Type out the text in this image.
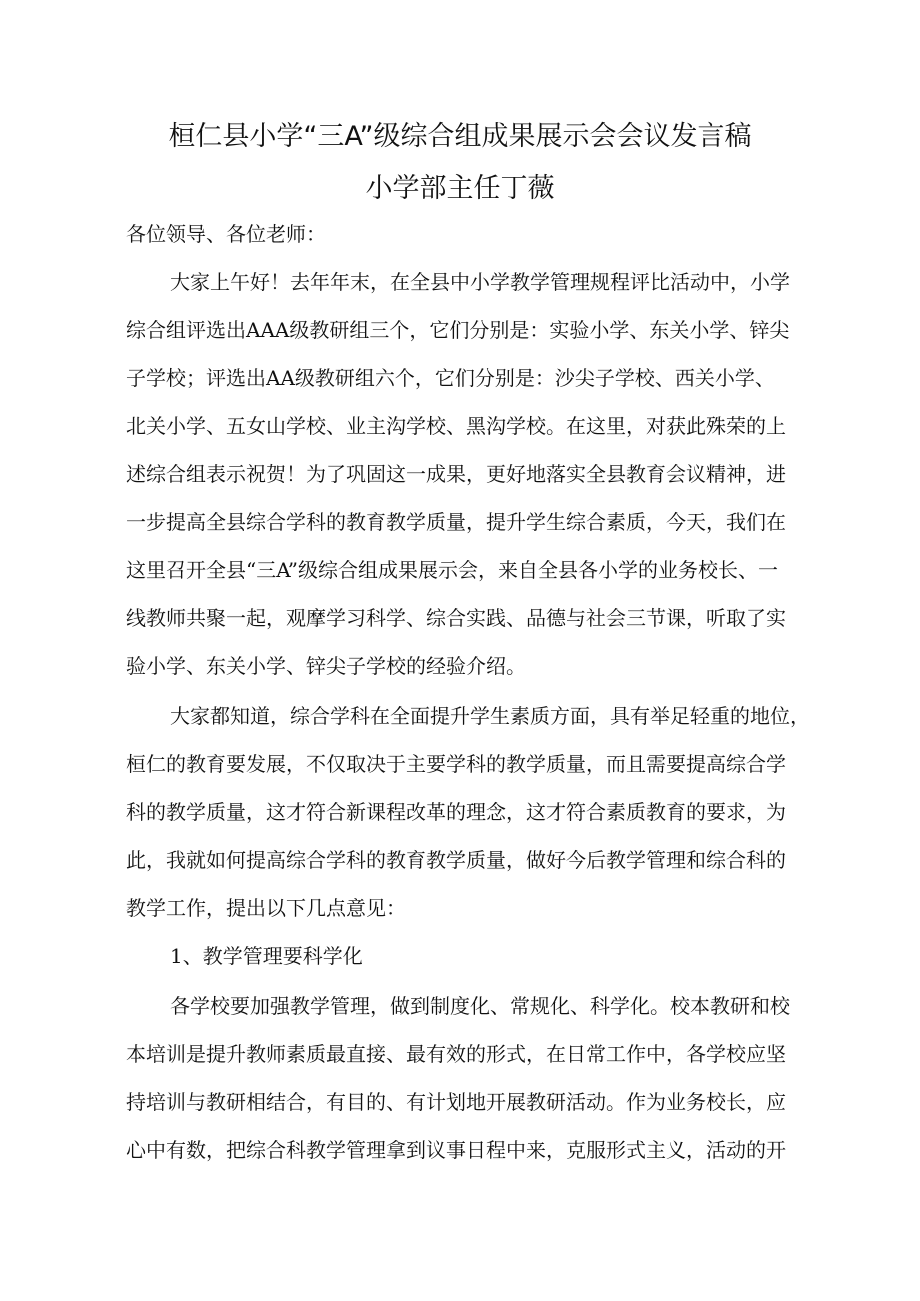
桓仁县小学“三A”级综合组成果展示会会议发言稿
小学部主任丁薇
各位领导、各位老师：
大家上午好！去年年末，在全县中小学教学管理规程评比活动中，小学
综合组评选出AAA级教研组三个，它们分别是：实验小学、东关小学、锌尖
子学校；评选出AA级教研组六个，它们分别是：沙尖子学校、西关小学、
北关小学、五女山学校、业主沟学校、黑沟学校。在这里，对获此殊荣的上
述综合组表示祝贺！为了巩固这一成果，更好地落实全县教育会议精神，进
一步提高全县综合学科的教育教学质量，提升学生综合素质，今天，我们在
这里召开全县“三A”级综合组成果展示会，来自全县各小学的业务校长、一
线教师共聚一起，观摩学习科学、综合实践、品德与社会三节课，听取了实
验小学、东关小学、锌尖子学校的经验介绍。
大家都知道，综合学科在全面提升学生素质方面，具有举足轻重的地位，
桓仁的教育要发展，不仅取决于主要学科的教学质量，而且需要提高综合学
科的教学质量，这才符合新课程改革的理念，这才符合素质教育的要求，为
此，我就如何提高综合学科的教育教学质量，做好今后教学管理和综合科的
教学工作，提出以下几点意见：
1、教学管理要科学化
各学校要加强教学管理，做到制度化、常规化、科学化。校本教研和校
本培训是提升教师素质最直接、最有效的形式，在日常工作中，各学校应坚
持培训与教研相结合，有目的、有计划地开展教研活动。作为业务校长，应
心中有数，把综合科教学管理拿到议事日程中来，克服形式主义，活动的开
